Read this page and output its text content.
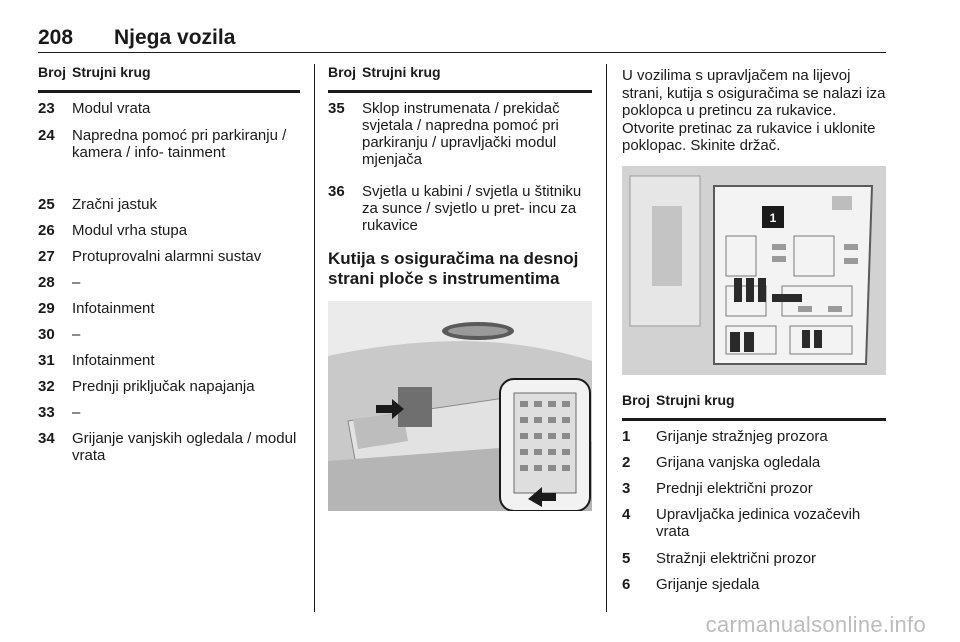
208 Njega vozila
Broj Strujni krug
23	Modul vrata
24	Napredna pomoć pri parkiranju / kamera / info- tainment
25	Zračni jastuk
26	Modul vrha stupa
27	Protuprovalni alarmni sustav
28	–
29	Infotainment
30	–
31	Infotainment
32	Prednji priključak napajanja
33	–
34	Grijanje vanjskih ogledala / modul vrata
Broj Strujni krug
35	Sklop instrumenata / prekidač svjetala / napredna pomoć pri parkiranju / upravljački modul mjenjača
36	Svjetla u kabini / svjetla u štitniku za sunce / svjetlo u pret- incu za rukavice
Kutija s osiguračima na desnoj strani ploče s instrumentima
U vozilima s upravljačem na lijevoj strani, kutija s osiguračima se nalazi iza poklopca u pretincu za rukavice. Otvorite pretinac za rukavice i uklonite poklopac. Skinite držač.
1
Broj Strujni krug
1	Grijanje stražnjeg prozora
2	Grijana vanjska ogledala
3	Prednji električni prozor
4	Upravljačka jedinica vozačevih vrata
5	Stražnji električni prozor
6	Grijanje sjedala
carmanualsonline.info
